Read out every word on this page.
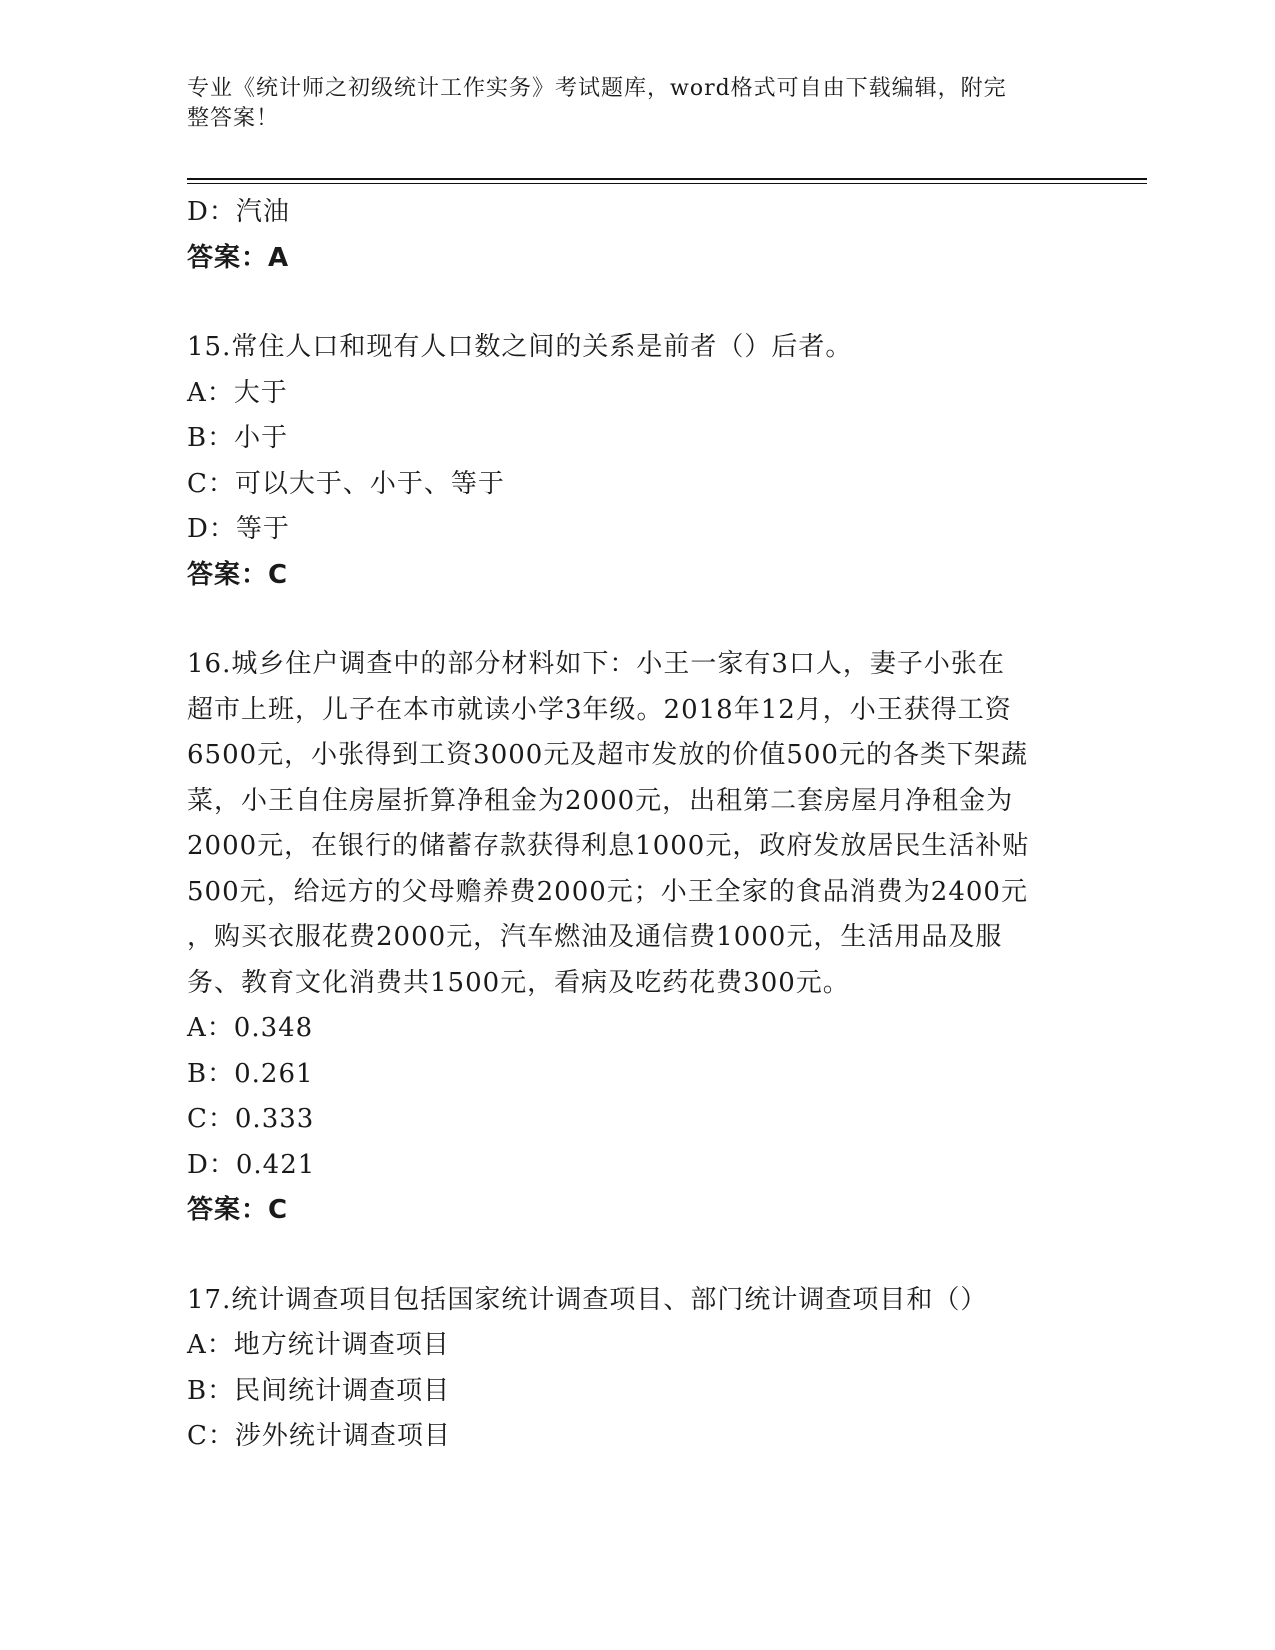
专业《统计师之初级统计工作实务》考试题库，word格式可自由下载编辑，附完
整答案！
D：汽油
答案：A
15.常住人口和现有人口数之间的关系是前者（）后者。
A：大于
B：小于
C：可以大于、小于、等于
D：等于
答案：C
16.城乡住户调查中的部分材料如下：小王一家有3口人，妻子小张在
超市上班，儿子在本市就读小学3年级。2018年12月，小王获得工资
6500元，小张得到工资3000元及超市发放的价值500元的各类下架蔬
菜，小王自住房屋折算净租金为2000元，出租第二套房屋月净租金为
2000元，在银行的储蓄存款获得利息1000元，政府发放居民生活补贴
500元，给远方的父母赡养费2000元；小王全家的食品消费为2400元
，购买衣服花费2000元，汽车燃油及通信费1000元，生活用品及服
务、教育文化消费共1500元，看病及吃药花费300元。
A：0.348
B：0.261
C：0.333
D：0.421
答案：C
17.统计调查项目包括国家统计调查项目、部门统计调查项目和（）
A：地方统计调查项目
B：民间统计调查项目
C：涉外统计调查项目
